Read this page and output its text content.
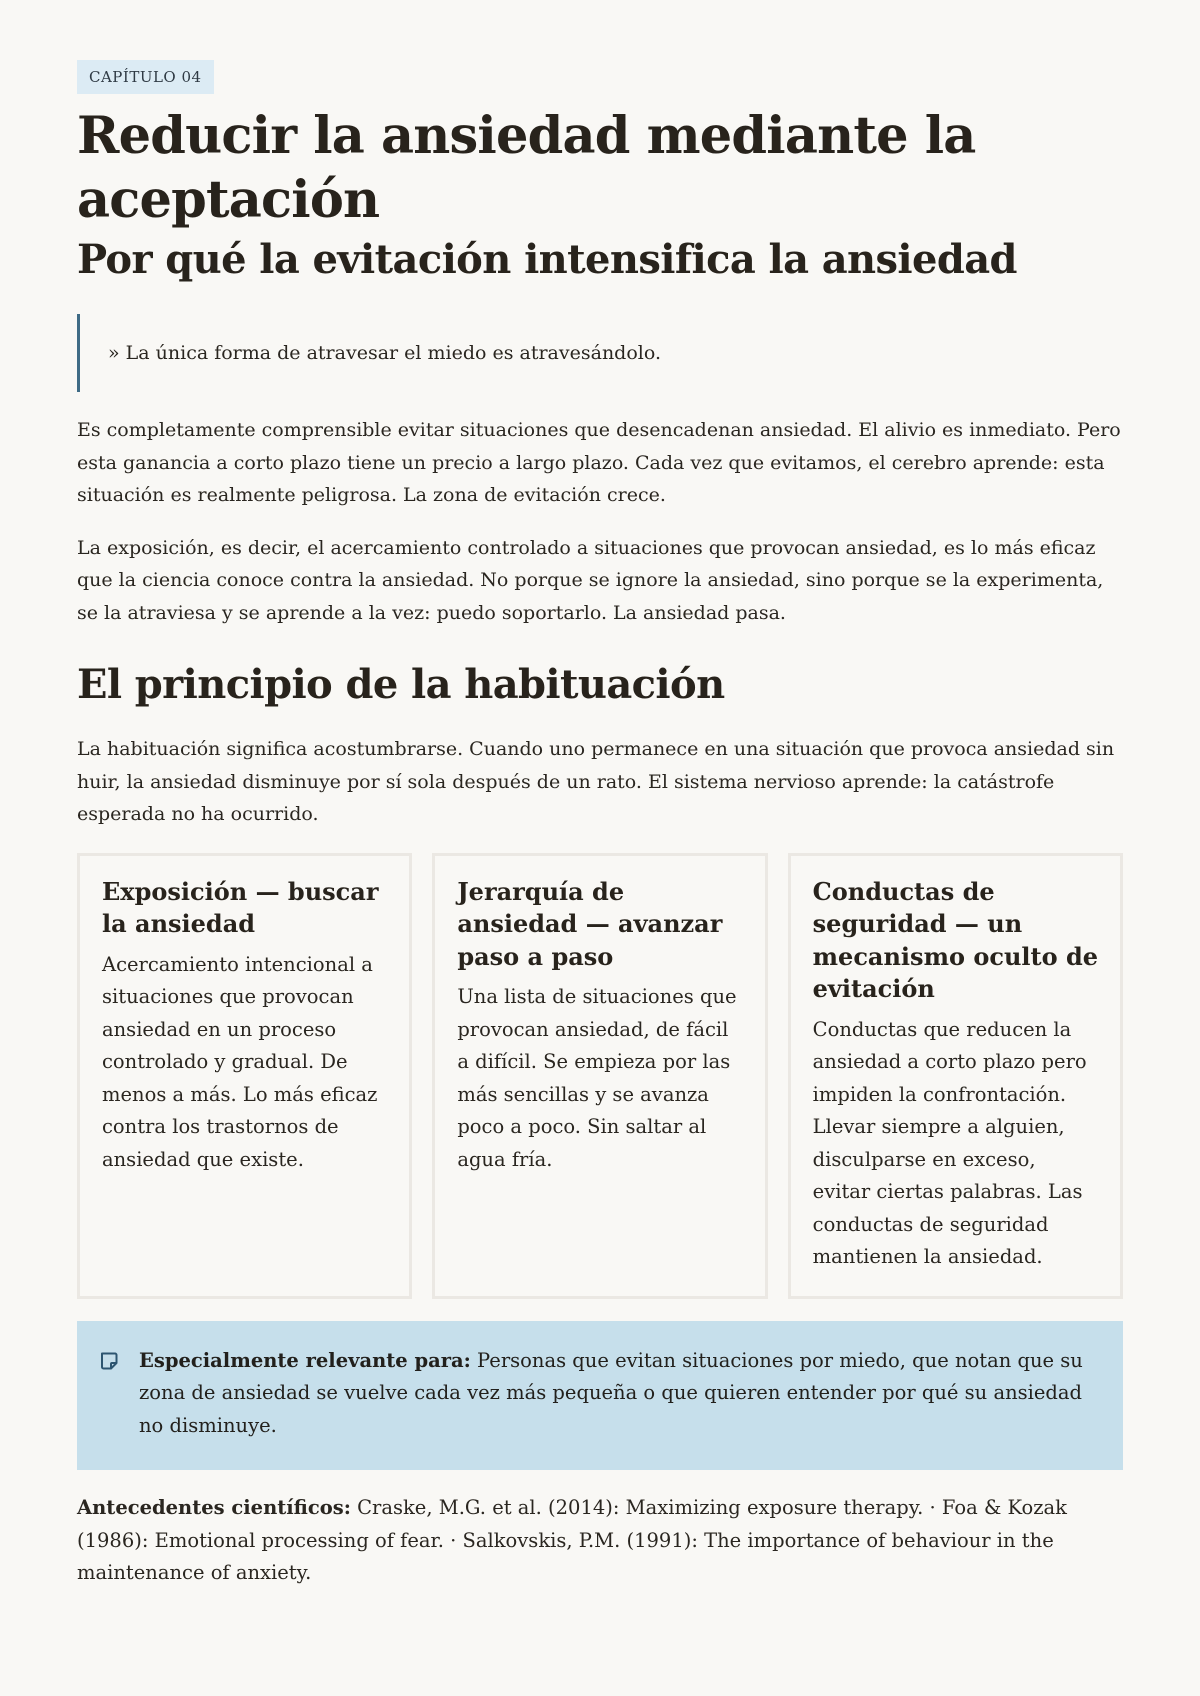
CAPÍTULO 04
Reducir la ansiedad mediante la aceptación
Por qué la evitación intensifica la ansiedad
» La única forma de atravesar el miedo es atravesándolo.

Es completamente comprensible evitar situaciones que desencadenan ansiedad. El alivio es inmediato. Pero esta ganancia a corto plazo tiene un precio a largo plazo. Cada vez que evitamos, el cerebro aprende: esta situación es realmente peligrosa. La zona de evitación crece.

La exposición, es decir, el acercamiento controlado a situaciones que provocan ansiedad, es lo más eficaz que la ciencia conoce contra la ansiedad. No porque se ignore la ansiedad, sino porque se la experimenta, se la atraviesa y se aprende a la vez: puedo soportarlo. La ansiedad pasa.

El principio de la habituación

La habituación significa acostumbrarse. Cuando uno permanece en una situación que provoca ansiedad sin huir, la ansiedad disminuye por sí sola después de un rato. El sistema nervioso aprende: la catástrofe esperada no ha ocurrido.

Exposición — buscar la ansiedad

Acercamiento intencional a situaciones que provocan ansiedad en un proceso controlado y gradual. De menos a más. Lo más eficaz contra los trastornos de ansiedad que existe.

Jerarquía de ansiedad — avanzar paso a paso

Una lista de situaciones que provocan ansiedad, de fácil a difícil. Se empieza por las más sencillas y se avanza poco a poco. Sin saltar al agua fría.

Conductas de seguridad — un mecanismo oculto de evitación

Conductas que reducen la ansiedad a corto plazo pero impiden la confrontación. Llevar siempre a alguien, disculparse en exceso, evitar ciertas palabras. Las conductas de seguridad mantienen la ansiedad.

Especialmente relevante para: Personas que evitan situaciones por miedo, que notan que su zona de ansiedad se vuelve cada vez más pequeña o que quieren entender por qué su ansiedad no disminuye.

Antecedentes científicos: Craske, M.G. et al. (2014): Maximizing exposure therapy. · Foa & Kozak (1986): Emotional processing of fear. · Salkovskis, P.M. (1991): The importance of behaviour in the maintenance of anxiety.
